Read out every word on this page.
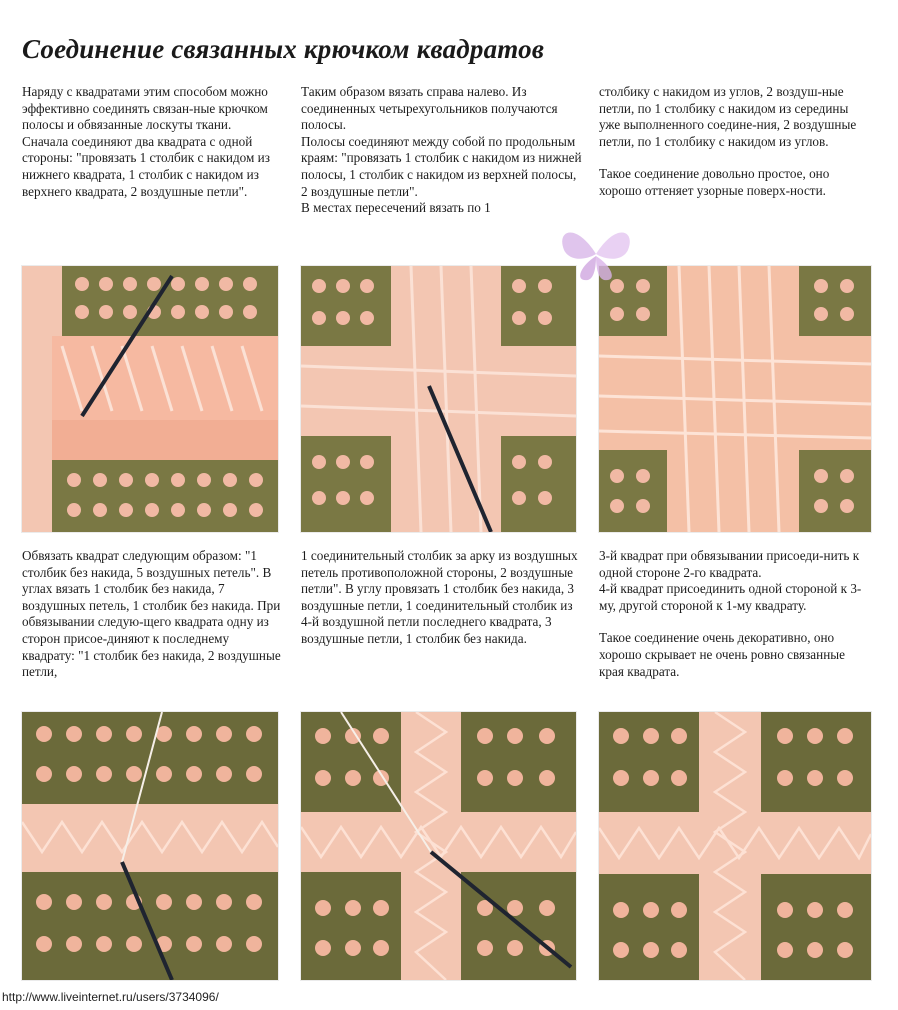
Соединение связанных крючком квадратов

Наряду с квадратами этим способом можно эффективно соединять связан-ные крючком полосы и обвязанные лоскуты ткани.

Сначала соединяют два квадрата с одной стороны: "провязать 1 столбик с накидом из нижнего квадрата, 1 столбик с накидом из верхнего квадрата, 2 воздушные петли".

Таким образом вязать справа налево. Из соединенных четырехугольников получаются полосы.

Полосы соединяют между собой по продольным краям: "провязать 1 столбик с накидом из нижней полосы, 1 столбик с накидом из верхней полосы, 2 воздушные петли".

В местах пересечений вязать по 1

столбику с накидом из углов, 2 воздуш-ные петли, по 1 столбику с накидом из середины уже выполненного соедине-ния, 2 воздушные петли, по 1 столбику с накидом из углов.

Такое соединение довольно простое, оно хорошо оттеняет узорные поверх-ности.

Обвязать квадрат следующим образом: "1 столбик без накида, 5 воздушных петель". В углах вязать 1 столбик без накида, 7 воздушных петель, 1 столбик без накида. При обвязывании следую-щего квадрата одну из сторон присое-диняют к последнему квадрату: "1 столбик без накида, 2 воздушные петли,

1 соединительный столбик за арку из воздушных петель противоположной стороны, 2 воздушные петли". В углу провязать 1 столбик без накида, 3 воздушные петли, 1 соединительный столбик из 4-й воздушной петли последнего квадрата, 3 воздушные петли, 1 столбик без накида.

3-й квадрат при обвязывании присоеди-нить к одной стороне 2-го квадрата.

4-й квадрат присоединить одной стороной к 3-му, другой стороной к 1-му квадрату.

Такое соединение очень декоративно, оно хорошо скрывает не очень ровно связанные края квадрата.

http://www.liveinternet.ru/users/3734096/
